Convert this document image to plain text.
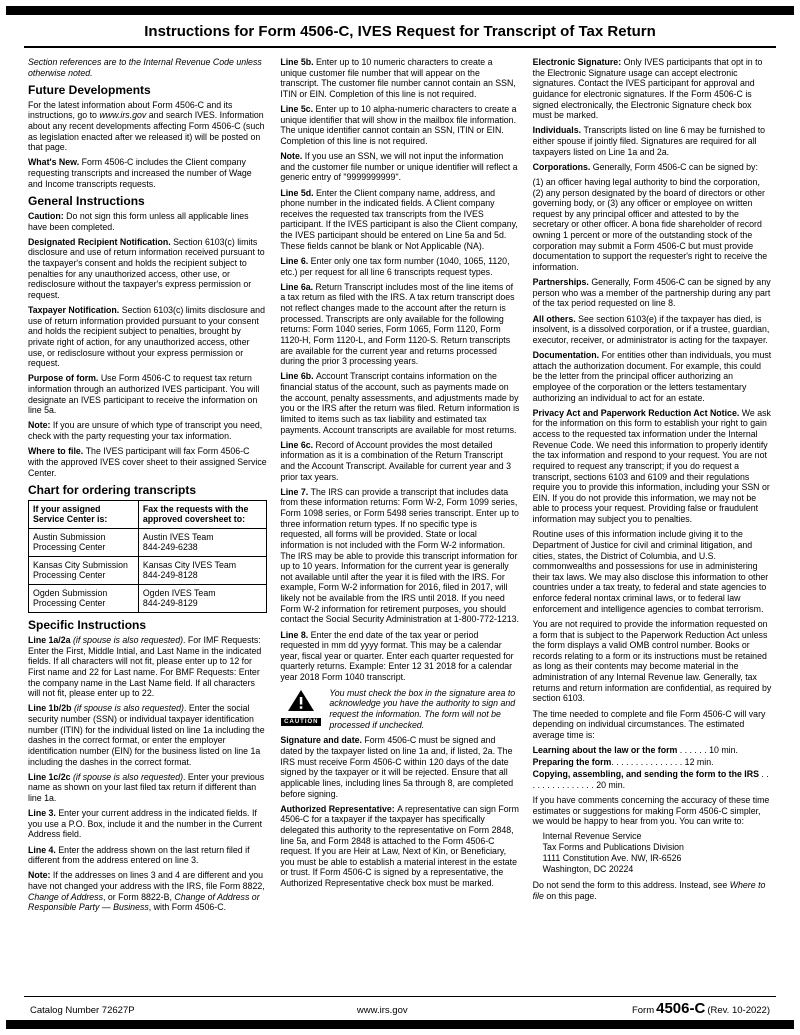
Instructions for Form 4506-C, IVES Request for Transcript of Tax Return

Section references are to the Internal Revenue Code unless otherwise noted.

Future Developments

For the latest information about Form 4506-C and its instructions, go to www.irs.gov and search IVES. Information about any recent developments affecting Form 4506-C (such as legislation enacted after we released it) will be posted on that page.

What's New. Form 4506-C includes the Client company requesting transcripts and increased the number of Wage and Income transcripts requests.

General Instructions

Caution: Do not sign this form unless all applicable lines have been completed.

Designated Recipient Notification. Section 6103(c) limits disclosure and use of return information received pursuant to the taxpayer's consent and holds the recipient subject to penalties for any unauthorized access, other use, or redisclosure without the taxpayer's express permission or request.

Taxpayer Notification. Section 6103(c) limits disclosure and use of return information provided pursuant to your consent and holds the recipient subject to penalties, brought by private right of action, for any unauthorized access, other use, or redisclosure without your express permission or request.

Purpose of form. Use Form 4506-C to request tax return information through an authorized IVES participant. You will designate an IVES participant to receive the information on line 5a.

Note: If you are unsure of which type of transcript you need, check with the party requesting your tax information.

Where to file. The IVES participant will fax Form 4506-C with the approved IVES cover sheet to their assigned Service Center.

Chart for ordering transcripts
If your assigned Service Center is:	Fax the requests with the approved coversheet to:

Austin Submission Processing Center	Austin IVES Team
844-249-6238

Kansas City Submission Processing Center	Kansas City IVES Team
844-249-8128

Ogden Submission Processing Center	Ogden IVES Team
844-249-8129
Specific Instructions

Line 1a/2a (if spouse is also requested). For IMF Requests: Enter the First, Middle Intial, and Last Name in the indicated fields. If all characters will not fit, please enter up to 12 for First name and 22 for Last name. For BMF Requests: Enter the company name in the Last Name field. If all characters will not fit, please enter up to 22.

Line 1b/2b (if spouse is also requested). Enter the social security number (SSN) or individual taxpayer identification number (ITIN) for the individual listed on line 1a including the dashes in the correct format, or enter the employer identification number (EIN) for the business listed on line 1a including the dashes in the correct format.

Line 1c/2c (if spouse is also requested). Enter your previous name as shown on your last filed tax return if different than line 1a.

Line 3. Enter your current address in the indicated fields. If you use a P.O. Box, include it and the number in the Current Address field.

Line 4. Enter the address shown on the last return filed if different from the address entered on line 3.

Note: If the addresses on lines 3 and 4 are different and you have not changed your address with the IRS, file Form 8822, Change of Address, or Form 8822-B, Change of Address or Responsible Party — Business, with Form 4506-C.

Line 5b. Enter up to 10 numeric characters to create a unique customer file number that will appear on the transcript. The customer file number cannot contain an SSN, ITIN or EIN. Completion of this line is not required.

Line 5c. Enter up to 10 alpha-numeric characters to create a unique identifier that will show in the mailbox file information. The unique identifier cannot contain an SSN, ITIN or EIN. Completion of this line is not required.

Note. If you use an SSN, we will not input the information and the customer file number or unique identifier will reflect a generic entry of "9999999999".

Line 5d. Enter the Client company name, address, and phone number in the indicated fields. A Client company receives the requested tax transcripts from the IVES participant. If the IVES participant is also the Client company, the IVES participant should be entered on Line 5a and 5d. These fields cannot be blank or Not Applicable (NA).

Line 6. Enter only one tax form number (1040, 1065, 1120, etc.) per request for all line 6 transcripts request types.

Line 6a. Return Transcript includes most of the line items of a tax return as filed with the IRS. A tax return transcript does not reflect changes made to the account after the return is processed. Transcripts are only available for the following returns: Form 1040 series, Form 1065, Form 1120, Form 1120-H, Form 1120-L, and Form 1120-S. Return transcripts are available for the current year and returns processed during the prior 3 processing years.

Line 6b. Account Transcript contains information on the financial status of the account, such as payments made on the account, penalty assessments, and adjustments made by you or the IRS after the return was filed. Return information is limited to items such as tax liability and estimated tax payments. Account transcripts are available for most returns.

Line 6c. Record of Account provides the most detailed information as it is a combination of the Return Transcript and the Account Transcript. Available for current year and 3 prior tax years.

Line 7. The IRS can provide a transcript that includes data from these information returns: Form W-2, Form 1099 series, Form 1098 series, or Form 5498 series transcript. Enter up to three information return types. If no specific type is requested, all forms will be provided. State or local information is not included with the Form W-2 information. The IRS may be able to provide this transcript information for up to 10 years. Information for the current year is generally not available until after the year it is filed with the IRS. For example, Form W-2 information for 2016, filed in 2017, will likely not be available from the IRS until 2018. If you need Form W-2 information for retirement purposes, you should contact the Social Security Administration at 1-800-772-1213.

Line 8. Enter the end date of the tax year or period requested in mm dd yyyy format. This may be a calendar year, fiscal year or quarter. Enter each quarter requested for quarterly returns. Example: Enter 12 31 2018 for a calendar year 2018 Form 1040 transcript.

CAUTION
You must check the box in the signature area to acknowledge you have the authority to sign and request the information. The form will not be processed if unchecked.

Signature and date. Form 4506-C must be signed and dated by the taxpayer listed on line 1a and, if listed, 2a. The IRS must receive Form 4506-C within 120 days of the date signed by the taxpayer or it will be rejected. Ensure that all applicable lines, including lines 5a through 8, are completed before signing.

Authorized Representative: A representative can sign Form 4506-C for a taxpayer if the taxpayer has specifically delegated this authority to the representative on Form 2848, line 5a, and Form 2848 is attached to the Form 4506-C request. If you are Heir at Law, Next of Kin, or Beneficiary, you must be able to establish a material interest in the estate or trust. If Form 4506-C is signed by a representative, the Authorized Representative check box must be marked.

Electronic Signature: Only IVES participants that opt in to the Electronic Signature usage can accept electronic signatures. Contact the IVES participant for approval and guidance for electronic signatures. If the Form 4506-C is signed electronically, the Electronic Signature check box must be marked.

Individuals. Transcripts listed on line 6 may be furnished to either spouse if jointly filed. Signatures are required for all taxpayers listed on Line 1a and 2a.

Corporations. Generally, Form 4506-C can be signed by:

(1) an officer having legal authority to bind the corporation, (2) any person designated by the board of directors or other governing body, or (3) any officer or employee on written request by any principal officer and attested to by the secretary or other officer. A bona fide shareholder of record owning 1 percent or more of the outstanding stock of the corporation may submit a Form 4506-C but must provide documentation to support the requester's right to receive the information.

Partnerships. Generally, Form 4506-C can be signed by any person who was a member of the partnership during any part of the tax period requested on line 8.

All others. See section 6103(e) if the taxpayer has died, is insolvent, is a dissolved corporation, or if a trustee, guardian, executor, receiver, or administrator is acting for the taxpayer.

Documentation. For entities other than individuals, you must attach the authorization document. For example, this could be the letter from the principal officer authorizing an employee of the corporation or the letters testamentary authorizing an individual to act for an estate.

Privacy Act and Paperwork Reduction Act Notice. We ask for the information on this form to establish your right to gain access to the requested tax information under the Internal Revenue Code. We need this information to properly identify the tax information and respond to your request. You are not required to request any transcript; if you do request a transcript, sections 6103 and 6109 and their regulations require you to provide this information, including your SSN or EIN. If you do not provide this information, we may not be able to process your request. Providing false or fraudulent information may subject you to penalties.

Routine uses of this information include giving it to the Department of Justice for civil and criminal litigation, and cities, states, the District of Columbia, and U.S. commonwealths and possessions for use in administering their tax laws. We may also disclose this information to other countries under a tax treaty, to federal and state agencies to enforce federal nontax criminal laws, or to federal law enforcement and intelligence agencies to combat terrorism.

You are not required to provide the information requested on a form that is subject to the Paperwork Reduction Act unless the form displays a valid OMB control number. Books or records relating to a form or its instructions must be retained as long as their contents may become material in the administration of any Internal Revenue law. Generally, tax returns and return information are confidential, as required by section 6103.

The time needed to complete and file Form 4506-C will vary depending on individual circumstances. The estimated average time is:

Learning about the law or the form . . . . . . 10 min.

Preparing the form. . . . . . . . . . . . . . . 12 min.

Copying, assembling, and sending the form to the IRS . . . . . . . . . . . . . . . 20 min.

If you have comments concerning the accuracy of these time estimates or suggestions for making Form 4506-C simpler, we would be happy to hear from you. You can write to:

Internal Revenue Service
Tax Forms and Publications Division
1111 Constitution Ave. NW, IR-6526
Washington, DC 20224

Do not send the form to this address. Instead, see Where to file on this page.

Catalog Number 72627P	www.irs.gov	Form 4506-C (Rev. 10-2022)
